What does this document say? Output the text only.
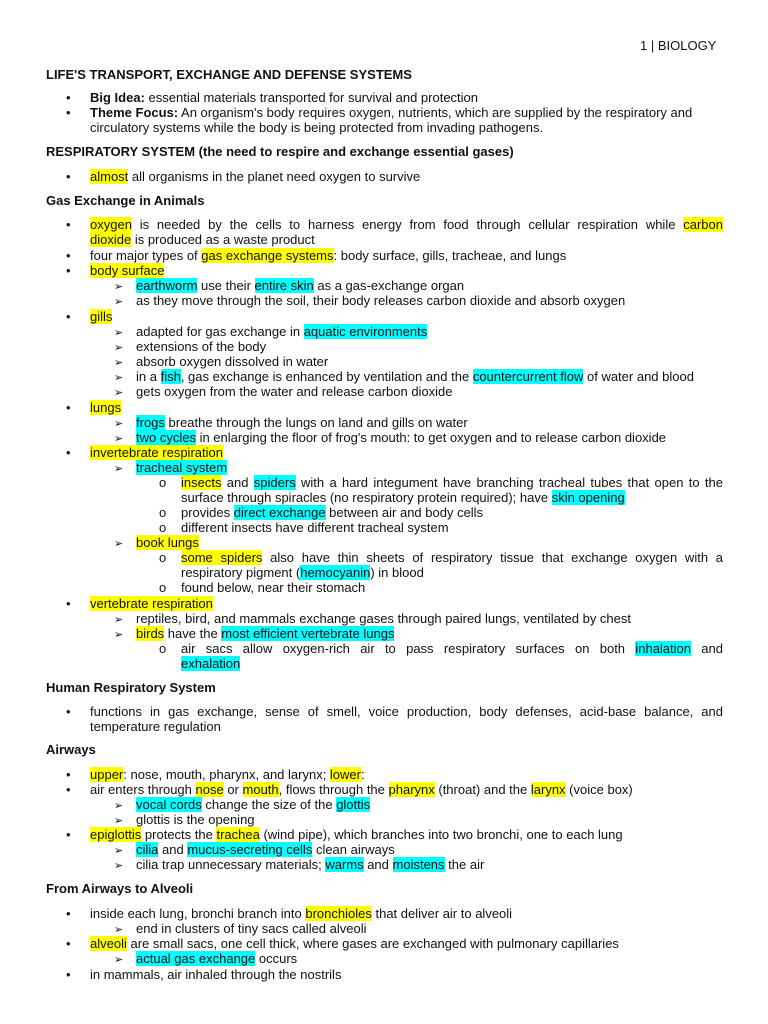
1 | BIOLOGY
LIFE'S TRANSPORT, EXCHANGE AND DEFENSE SYSTEMS
•
Big Idea: essential materials transported for survival and protection
•
Theme Focus: An organism's body requires oxygen, nutrients, which are supplied by the respiratory and
circulatory systems while the body is being protected from invading pathogens.
RESPIRATORY SYSTEM (the need to respire and exchange essential gases)
•
almost all organisms in the planet need oxygen to survive
Gas Exchange in Animals
•
oxygen is needed by the cells to harness energy from food through cellular respiration while carbon
dioxide is produced as a waste product
•
four major types of gas exchange systems: body surface, gills, tracheae, and lungs
•
body surface
➢
earthworm use their entire skin as a gas-exchange organ
➢
as they move through the soil, their body releases carbon dioxide and absorb oxygen
•
gills
➢
adapted for gas exchange in aquatic environments
➢
extensions of the body
➢
absorb oxygen dissolved in water
➢
in a fish, gas exchange is enhanced by ventilation and the countercurrent flow of water and blood
➢
gets oxygen from the water and release carbon dioxide
•
lungs
➢
frogs breathe through the lungs on land and gills on water
➢
two cycles in enlarging the floor of frog's mouth: to get oxygen and to release carbon dioxide
•
invertebrate respiration
➢
tracheal system
o
insects and spiders with a hard integument have branching tracheal tubes that open to the
surface through spiracles (no respiratory protein required); have skin opening
o
provides direct exchange between air and body cells
o
different insects have different tracheal system
➢
book lungs
o
some spiders also have thin sheets of respiratory tissue that exchange oxygen with a
respiratory pigment (hemocyanin) in blood
o
found below, near their stomach
•
vertebrate respiration
➢
reptiles, bird, and mammals exchange gases through paired lungs, ventilated by chest
➢
birds have the most efficient vertebrate lungs
o
air sacs allow oxygen-rich air to pass respiratory surfaces on both inhalation and
exhalation
Human Respiratory System
•
functions in gas exchange, sense of smell, voice production, body defenses, acid-base balance, and
temperature regulation
Airways
•
upper: nose, mouth, pharynx, and larynx; lower:
•
air enters through nose or mouth, flows through the pharynx (throat) and the larynx (voice box)
➢
vocal cords change the size of the glottis
➢
glottis is the opening
•
epiglottis protects the trachea (wind pipe), which branches into two bronchi, one to each lung
➢
cilia and mucus-secreting cells clean airways
➢
cilia trap unnecessary materials; warms and moistens the air
From Airways to Alveoli
•
inside each lung, bronchi branch into bronchioles that deliver air to alveoli
➢
end in clusters of tiny sacs called alveoli
•
alveoli are small sacs, one cell thick, where gases are exchanged with pulmonary capillaries
➢
actual gas exchange occurs
•
in mammals, air inhaled through the nostrils
